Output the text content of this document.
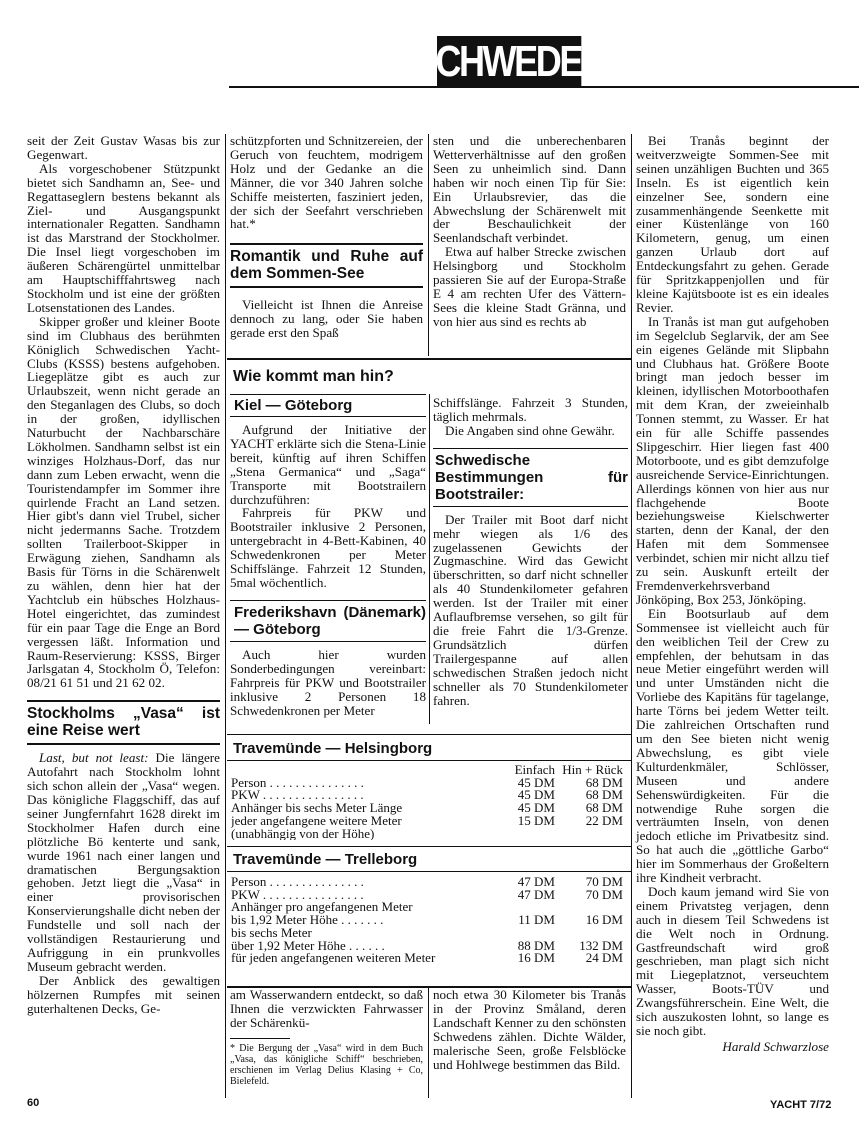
SCHWEDEN

seit der Zeit Gustav Wasas bis zur Gegenwart.

Als vorgeschobener Stützpunkt bietet sich Sandhamn an, See- und Regattaseglern bestens bekannt als Ziel- und Ausgangspunkt internationaler Regatten. Sandhamn ist das Marstrand der Stockholmer. Die Insel liegt vorgeschoben im äußeren Schärengürtel unmittelbar am Hauptschifffahrtsweg nach Stockholm und ist eine der größten Lotsenstationen des Landes.

Skipper großer und kleiner Boote sind im Clubhaus des berühmten Königlich Schwedischen Yacht-Clubs (KSSS) bestens aufgehoben. Liegeplätze gibt es auch zur Urlaubszeit, wenn nicht gerade an den Steganlagen des Clubs, so doch in der großen, idyllischen Naturbucht der Nachbarschäre Lökholmen. Sandhamn selbst ist ein winziges Holzhaus-Dorf, das nur dann zum Leben erwacht, wenn die Touristendampfer im Sommer ihre quirlende Fracht an Land setzen. Hier gibt's dann viel Trubel, sicher nicht jedermanns Sache. Trotzdem sollten Trailerboot-Skipper in Erwägung ziehen, Sandhamn als Basis für Törns in die Schärenwelt zu wählen, denn hier hat der Yachtclub ein hübsches Holzhaus-Hotel eingerichtet, das zumindest für ein paar Tage die Enge an Bord vergessen läßt. Information und Raum-Reservierung: KSSS, Birger Jarlsgatan 4, Stockholm Ö, Telefon: 08/21 61 51 und 21 62 02.

Stockholms „Vasa“ ist eine Reise wert

Last, but not least: Die längere Autofahrt nach Stockholm lohnt sich schon allein der „Vasa“ wegen. Das königliche Flaggschiff, das auf seiner Jungfernfahrt 1628 direkt im Stockholmer Hafen durch eine plötzliche Bö kenterte und sank, wurde 1961 nach einer langen und dramatischen Bergungsaktion gehoben. Jetzt liegt die „Vasa“ in einer provisorischen Konservierungshalle dicht neben der Fundstelle und soll nach der vollständigen Restaurierung und Aufriggung in ein prunkvolles Museum gebracht werden.

Der Anblick des gewaltigen hölzernen Rumpfes mit seinen guterhaltenen Decks, Ge-

schützpforten und Schnitzereien, der Geruch von feuchtem, modrigem Holz und der Gedanke an die Männer, die vor 340 Jahren solche Schiffe meisterten, fasziniert jeden, der sich der Seefahrt verschrieben hat.*

Romantik und Ruhe auf dem Sommen-See

Vielleicht ist Ihnen die Anreise dennoch zu lang, oder Sie haben gerade erst den Spaß

sten und die unberechenbaren Wetterverhältnisse auf den großen Seen zu unheimlich sind. Dann haben wir noch einen Tip für Sie: Ein Urlaubsrevier, das die Abwechslung der Schärenwelt mit der Beschaulichkeit der Seenlandschaft verbindet.

Etwa auf halber Strecke zwischen Helsingborg und Stockholm passieren Sie auf der Europa-Straße E 4 am rechten Ufer des Vättern-Sees die kleine Stadt Gränna, und von hier aus sind es rechts ab

Bei Tranås beginnt der weitverzweigte Sommen-See mit seinen unzähligen Buchten und 365 Inseln. Es ist eigentlich kein einzelner See, sondern eine zusammenhängende Seenkette mit einer Küstenlänge von 160 Kilometern, genug, um einen ganzen Urlaub dort auf Entdeckungsfahrt zu gehen. Gerade für Spritzkappenjollen und für kleine Kajütsboote ist es ein ideales Revier.

In Tranås ist man gut aufgehoben im Segelclub Seglarvik, der am See ein eigenes Gelände mit Slipbahn und Clubhaus hat. Größere Boote bringt man jedoch besser im kleinen, idyllischen Motorboothafen mit dem Kran, der zweieinhalb Tonnen stemmt, zu Wasser. Er hat ein für alle Schiffe passendes Slipgeschirr. Hier liegen fast 400 Motorboote, und es gibt demzufolge ausreichende Service-Einrichtungen. Allerdings können von hier aus nur flachgehende Boote beziehungsweise Kielschwerter starten, denn der Kanal, der den Hafen mit dem Sommensee verbindet, schien mir nicht allzu tief zu sein. Auskunft erteilt der Fremdenverkehrsverband Jönköping, Box 253, Jönköping.

Ein Bootsurlaub auf dem Sommensee ist vielleicht auch für den weiblichen Teil der Crew zu empfehlen, der behutsam in das neue Metier eingeführt werden will und unter Umständen nicht die Vorliebe des Kapitäns für tagelange, harte Törns bei jedem Wetter teilt. Die zahlreichen Ortschaften rund um den See bieten nicht wenig Abwechslung, es gibt viele Kulturdenkmäler, Schlösser, Museen und andere Sehenswürdigkeiten. Für die notwendige Ruhe sorgen die verträumten Inseln, von denen jedoch etliche im Privatbesitz sind. So hat auch die „göttliche Garbo“ hier im Sommerhaus der Großeltern ihre Kindheit verbracht.

Doch kaum jemand wird Sie von einem Privatsteg verjagen, denn auch in diesem Teil Schwedens ist die Welt noch in Ordnung. Gastfreundschaft wird groß geschrieben, man plagt sich nicht mit Liegeplatznot, verseuchtem Wasser, Boots-TÜV und Zwangsführerschein. Eine Welt, die sich auszukosten lohnt, so lange es sie noch gibt.

Harald Schwarzlose
Wie kommt man hin?
Kiel — Göteborg

Aufgrund der Initiative der YACHT erklärte sich die Stena-Linie bereit, künftig auf ihren Schiffen „Stena Germanica“ und „Saga“ Transporte mit Bootstrailern durchzuführen:

Fahrpreis für PKW und Bootstrailer inklusive 2 Personen, untergebracht in 4-Bett-Kabinen, 40 Schwedenkronen per Meter Schiffslänge. Fahrzeit 12 Stunden, 5mal wöchentlich.

Frederikshavn (Dänemark) — Göteborg

Auch hier wurden Sonderbedingungen vereinbart: Fahrpreis für PKW und Bootstrailer inklusive 2 Personen 18 Schwedenkronen per Meter

Schiffslänge. Fahrzeit 3 Stunden, täglich mehrmals.

Die Angaben sind ohne Gewähr.

Schwedische Bestimmungen für Bootstrailer:

Der Trailer mit Boot darf nicht mehr wiegen als 1/6 des zugelassenen Gewichts der Zugmaschine. Wird das Gewicht überschritten, so darf nicht schneller als 40 Stundenkilometer gefahren werden. Ist der Trailer mit einer Auflaufbremse versehen, so gilt für die freie Fahrt die 1/3-Grenze. Grundsätzlich dürfen Trailergespanne auf allen schwedischen Straßen jedoch nicht schneller als 70 Stundenkilometer fahren.

Travemünde — Helsingborg
Einfach Hin + Rück
Person . . . . . . . . . . . . . . .	45 DM	68 DM
PKW . . . . . . . . . . . . . . . .	45 DM	68 DM
Anhänger bis sechs Meter Länge	45 DM	68 DM
jeder angefangene weitere Meter	15 DM	22 DM
(unabhängig von der Höhe)
Travemünde — Trelleborg
Person . . . . . . . . . . . . . . .	47 DM	70 DM
PKW . . . . . . . . . . . . . . . .	47 DM	70 DM
Anhänger pro angefangenen Meter
bis 1,92 Meter Höhe . . . . . . .	11 DM	16 DM
bis sechs Meter
über 1,92 Meter Höhe . . . . . .	88 DM	132 DM
für jeden angefangenen weiteren Meter	16 DM	24 DM

am Wasserwandern entdeckt, so daß Ihnen die verzwickten Fahrwasser der Schärenkü-

* Die Bergung der „Vasa“ wird in dem Buch „Vasa, das königliche Schiff“ beschrieben, erschienen im Verlag Delius Klasing + Co, Bielefeld.

noch etwa 30 Kilometer bis Tranås in der Provinz Småland, deren Landschaft Kenner zu den schönsten Schwedens zählen. Dichte Wälder, malerische Seen, große Felsblöcke und Hohlwege bestimmen das Bild.

60	YACHT 7/72
